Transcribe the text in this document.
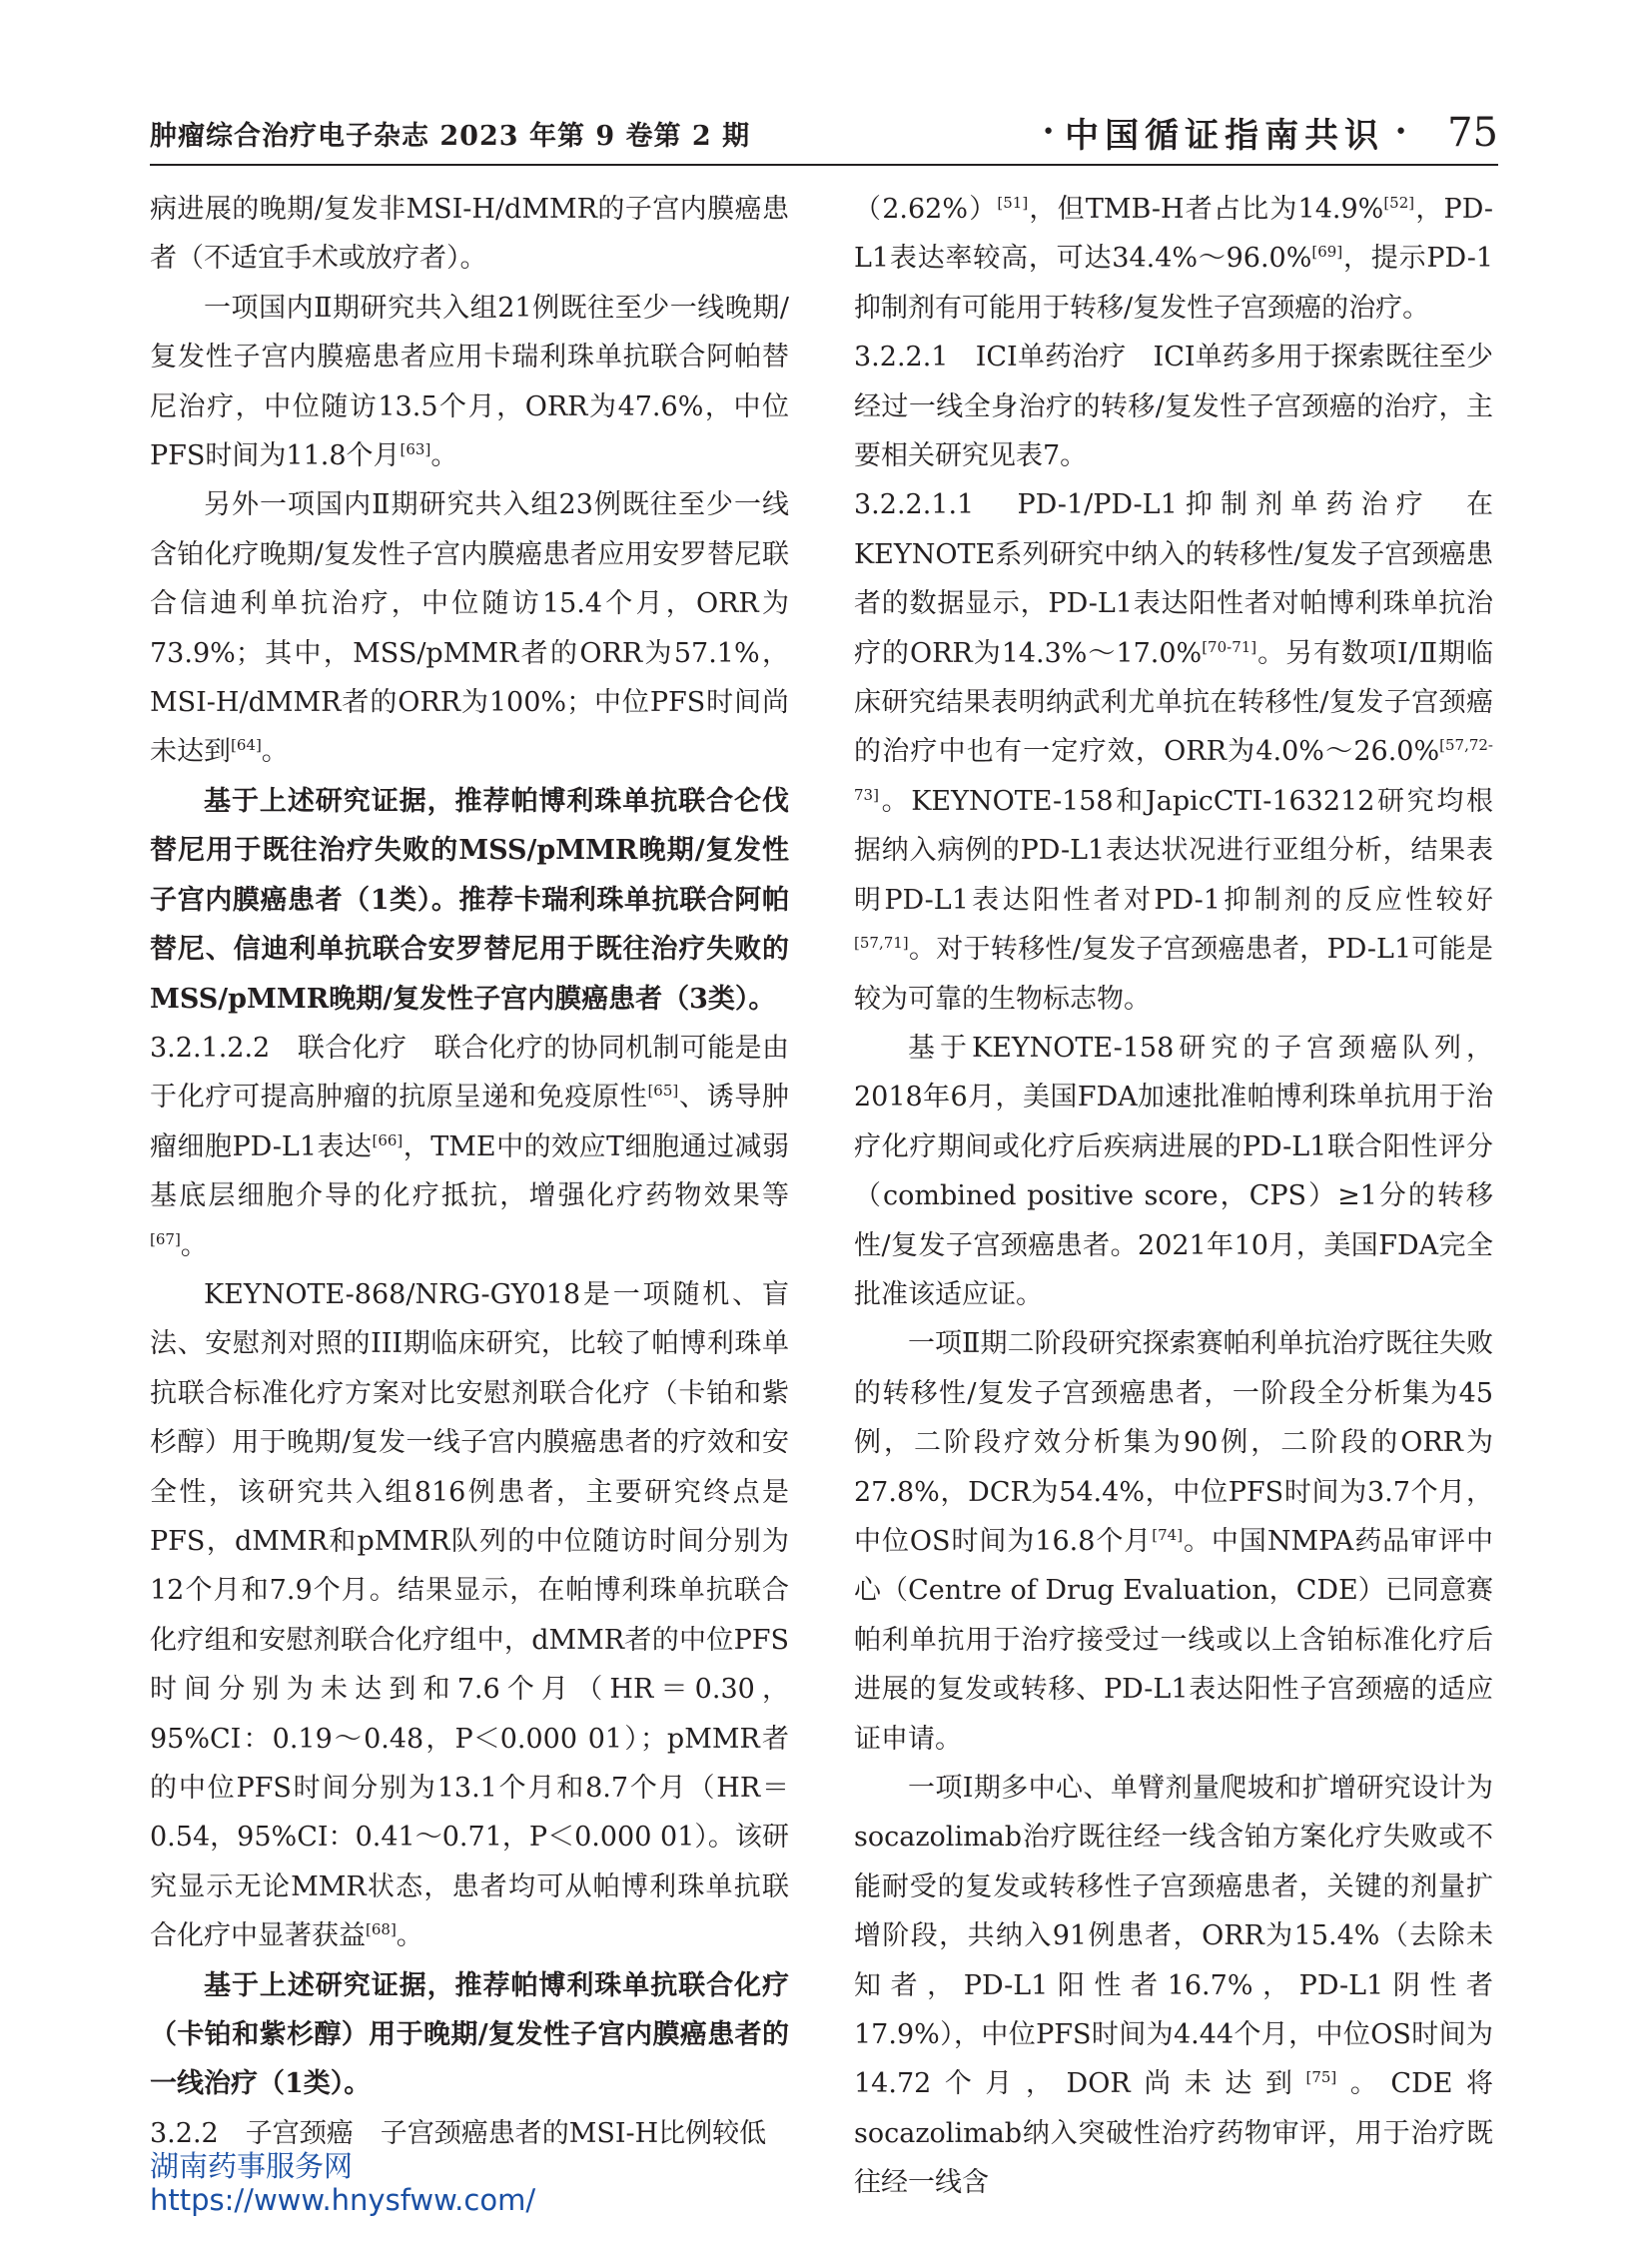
肿瘤综合治疗电子杂志 2023 年第 9 卷第 2 期	• 中国循证指南共识 • 75

病进展的晚期/复发非MSI-H/dMMR的子宫内膜癌患者（不适宜手术或放疗者）。

一项国内Ⅱ期研究共入组21例既往至少一线晚期/复发性子宫内膜癌患者应用卡瑞利珠单抗联合阿帕替尼治疗，中位随访13.5个月，ORR为47.6%，中位PFS时间为11.8个月[63]。

另外一项国内Ⅱ期研究共入组23例既往至少一线含铂化疗晚期/复发性子宫内膜癌患者应用安罗替尼联合信迪利单抗治疗，中位随访15.4个月，ORR为73.9%；其中，MSS/pMMR者的ORR为57.1%，MSI-H/dMMR者的ORR为100%；中位PFS时间尚未达到[64]。

基于上述研究证据，推荐帕博利珠单抗联合仑伐替尼用于既往治疗失败的MSS/pMMR晚期/复发性子宫内膜癌患者（1类）。推荐卡瑞利珠单抗联合阿帕替尼、信迪利单抗联合安罗替尼用于既往治疗失败的MSS/pMMR晚期/复发性子宫内膜癌患者（3类）。

3.2.1.2.2　联合化疗　联合化疗的协同机制可能是由于化疗可提高肿瘤的抗原呈递和免疫原性[65]、诱导肿瘤细胞PD-L1表达[66]，TME中的效应T细胞通过减弱基底层细胞介导的化疗抵抗，增强化疗药物效果等[67]。

KEYNOTE-868/NRG-GY018是一项随机、盲法、安慰剂对照的III期临床研究，比较了帕博利珠单抗联合标准化疗方案对比安慰剂联合化疗（卡铂和紫杉醇）用于晚期/复发一线子宫内膜癌患者的疗效和安全性，该研究共入组816例患者，主要研究终点是PFS，dMMR和pMMR队列的中位随访时间分别为12个月和7.9个月。结果显示，在帕博利珠单抗联合化疗组和安慰剂联合化疗组中，dMMR者的中位PFS时间分别为未达到和7.6个月（HR＝0.30，95%CI：0.19～0.48，P＜0.000 01）；pMMR者的中位PFS时间分别为13.1个月和8.7个月（HR＝0.54，95%CI：0.41～0.71，P＜0.000 01）。该研究显示无论MMR状态，患者均可从帕博利珠单抗联合化疗中显著获益[68]。

基于上述研究证据，推荐帕博利珠单抗联合化疗（卡铂和紫杉醇）用于晚期/复发性子宫内膜癌患者的一线治疗（1类）。

3.2.2　子宫颈癌　子宫颈癌患者的MSI-H比例较低

（2.62%）[51]，但TMB-H者占比为14.9%[52]，PD-L1表达率较高，可达34.4%～96.0%[69]，提示PD-1抑制剂有可能用于转移/复发性子宫颈癌的治疗。

3.2.2.1　ICI单药治疗　ICI单药多用于探索既往至少经过一线全身治疗的转移/复发性子宫颈癌的治疗，主要相关研究见表7。

3.2.2.1.1　PD-1/PD-L1抑制剂单药治疗　在KEYNOTE系列研究中纳入的转移性/复发子宫颈癌患者的数据显示，PD-L1表达阳性者对帕博利珠单抗治疗的ORR为14.3%～17.0%[70-71]。另有数项Ⅰ/Ⅱ期临床研究结果表明纳武利尤单抗在转移性/复发子宫颈癌的治疗中也有一定疗效，ORR为4.0%～26.0%[57,72-73]。KEYNOTE-158和JapicCTI-163212研究均根据纳入病例的PD-L1表达状况进行亚组分析，结果表明PD-L1表达阳性者对PD-1抑制剂的反应性较好[57,71]。对于转移性/复发子宫颈癌患者，PD-L1可能是较为可靠的生物标志物。

基于KEYNOTE-158研究的子宫颈癌队列，2018年6月，美国FDA加速批准帕博利珠单抗用于治疗化疗期间或化疗后疾病进展的PD-L1联合阳性评分（combined positive score，CPS）≥1分的转移性/复发子宫颈癌患者。2021年10月，美国FDA完全批准该适应证。

一项Ⅱ期二阶段研究探索赛帕利单抗治疗既往失败的转移性/复发子宫颈癌患者，一阶段全分析集为45例，二阶段疗效分析集为90例，二阶段的ORR为27.8%，DCR为54.4%，中位PFS时间为3.7个月，中位OS时间为16.8个月[74]。中国NMPA药品审评中心（Centre of Drug Evaluation，CDE）已同意赛帕利单抗用于治疗接受过一线或以上含铂标准化疗后进展的复发或转移、PD-L1表达阳性子宫颈癌的适应证申请。

一项Ⅰ期多中心、单臂剂量爬坡和扩增研究设计为socazolimab治疗既往经一线含铂方案化疗失败或不能耐受的复发或转移性子宫颈癌患者，关键的剂量扩增阶段，共纳入91例患者，ORR为15.4%（去除未知者，PD-L1阳性者16.7%，PD-L1阴性者17.9%），中位PFS时间为4.44个月，中位OS时间为14.72个月，DOR尚未达到[75]。CDE将socazolimab纳入突破性治疗药物审评，用于治疗既往经一线含

湖南药事服务网
https://www.hnysfww.com/
